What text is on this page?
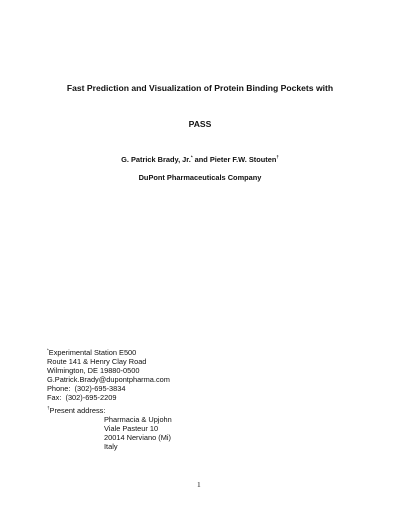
Fast Prediction and Visualization of Protein Binding Pockets with
PASS
G. Patrick Brady, Jr.* and Pieter F.W. Stouten†
DuPont Pharmaceuticals Company
*Experimental Station E500
Route 141 & Henry Clay Road
Wilmington, DE 19880-0500
G.Patrick.Brady@dupontpharma.com
Phone:  (302)-695-3834
Fax:  (302)-695-2209
†Present address:
Pharmacia & Upjohn
Viale Pasteur 10
20014 Nerviano (Mi)
Italy
1
